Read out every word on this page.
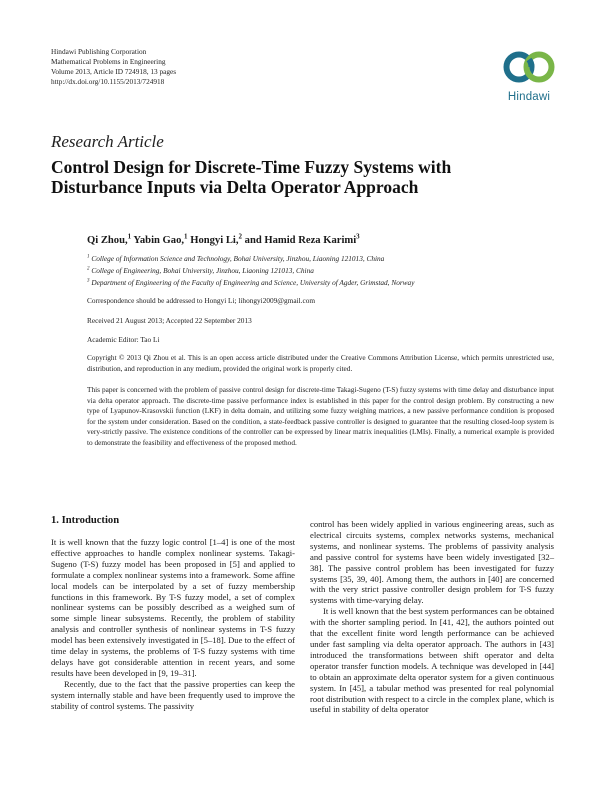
Hindawi Publishing Corporation
Mathematical Problems in Engineering
Volume 2013, Article ID 724918, 13 pages
http://dx.doi.org/10.1155/2013/724918
Hindawi
Research Article
Control Design for Discrete-Time Fuzzy Systems with Disturbance Inputs via Delta Operator Approach
Qi Zhou,$^1$ Yabin Gao,$^1$ Hongyi Li,$^2$ and Hamid Reza Karimi$^3$
$^1$ College of Information Science and Technology, Bohai University, Jinzhou, Liaoning 121013, China
$^2$ College of Engineering, Bohai University, Jinzhou, Liaoning 121013, China
$^3$ Department of Engineering of the Faculty of Engineering and Science, University of Agder, Grimstad, Norway
Correspondence should be addressed to Hongyi Li; lihongyi2009@gmail.com
Received 21 August 2013; Accepted 22 September 2013
Academic Editor: Tao Li
Copyright © 2013 Qi Zhou et al. This is an open access article distributed under the Creative Commons Attribution License, which permits unrestricted use, distribution, and reproduction in any medium, provided the original work is properly cited.
This paper is concerned with the problem of passive control design for discrete-time Takagi-Sugeno (T-S) fuzzy systems with time delay and disturbance input via delta operator approach. The discrete-time passive performance index is established in this paper for the control design problem. By constructing a new type of Lyapunov-Krasovskii function (LKF) in delta domain, and utilizing some fuzzy weighing matrices, a new passive performance condition is proposed for the system under consideration. Based on the condition, a state-feedback passive controller is designed to guarantee that the resulting closed-loop system is very-strictly passive. The existence conditions of the controller can be expressed by linear matrix inequalities (LMIs). Finally, a numerical example is provided to demonstrate the feasibility and effectiveness of the proposed method.
1. Introduction

It is well known that the fuzzy logic control [1–4] is one of the most effective approaches to handle complex nonlinear systems. Takagi-Sugeno (T-S) fuzzy model has been proposed in [5] and applied to formulate a complex nonlinear systems into a framework. Some affine local models can be interpolated by a set of fuzzy membership functions in this framework. By T-S fuzzy model, a set of complex nonlinear systems can be possibly described as a weighed sum of some simple linear subsystems. Recently, the problem of stability analysis and controller synthesis of nonlinear systems in T-S fuzzy model has been extensively investigated in [5–18]. Due to the effect of time delay in systems, the problems of T-S fuzzy systems with time delays have got considerable attention in recent years, and some results have been developed in [9, 19–31].

Recently, due to the fact that the passive properties can keep the system internally stable and have been frequently used to improve the stability of control systems. The passivity

control has been widely applied in various engineering areas, such as electrical circuits systems, complex networks systems, mechanical systems, and nonlinear systems. The problems of passivity analysis and passive control for systems have been widely investigated [32–38]. The passive control problem has been investigated for fuzzy systems [35, 39, 40]. Among them, the authors in [40] are concerned with the very strict passive controller design problem for T-S fuzzy systems with time-varying delay.

It is well known that the best system performances can be obtained with the shorter sampling period. In [41, 42], the authors pointed out that the excellent finite word length performance can be achieved under fast sampling via delta operator approach. The authors in [43] introduced the transformations between shift operator and delta operator transfer function models. A technique was developed in [44] to obtain an approximate delta operator system for a given continuous system. In [45], a tabular method was presented for real polynomial root distribution with respect to a circle in the complex plane, which is useful in stability of delta operator
